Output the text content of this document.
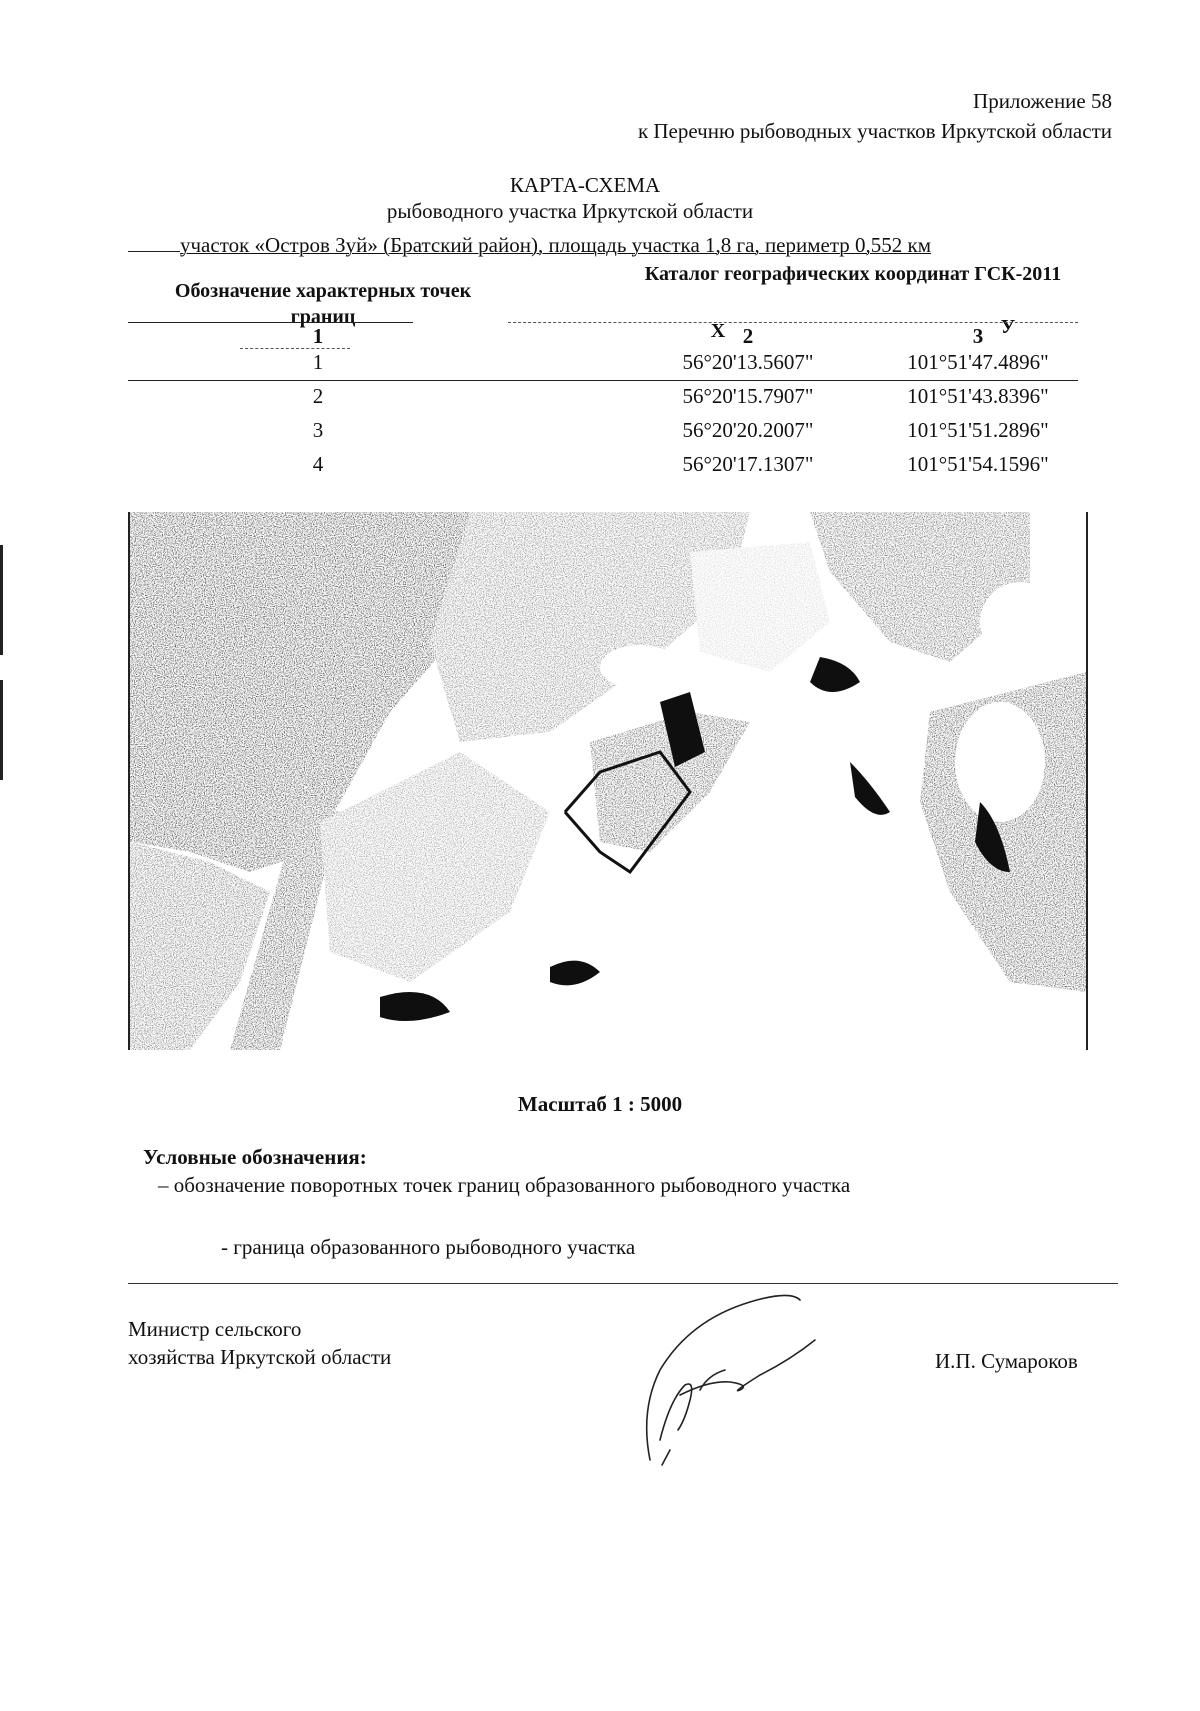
Приложение 58
к Перечню рыбоводных участков Иркутской области
КАРТА-СХЕМА
рыбоводного участка Иркутской области
участок «Остров Зуй» (Братский район), площадь участка 1,8 га, периметр 0,552 км
Обозначение характерных точек границ
Каталог географических координат ГСК-2011
Х	У
1	2	3
1	56°20'13.5607"	101°51'47.4896"
2	56°20'15.7907"	101°51'43.8396"
3	56°20'20.2007"	101°51'51.2896"
4	56°20'17.1307"	101°51'54.1596"
Масштаб 1 : 5000
Условные обозначения:
– обозначение поворотных точек границ образованного рыбоводного участка
- граница образованного рыбоводного участка
Министр сельского
хозяйства Иркутской области	И.П. Сумароков
